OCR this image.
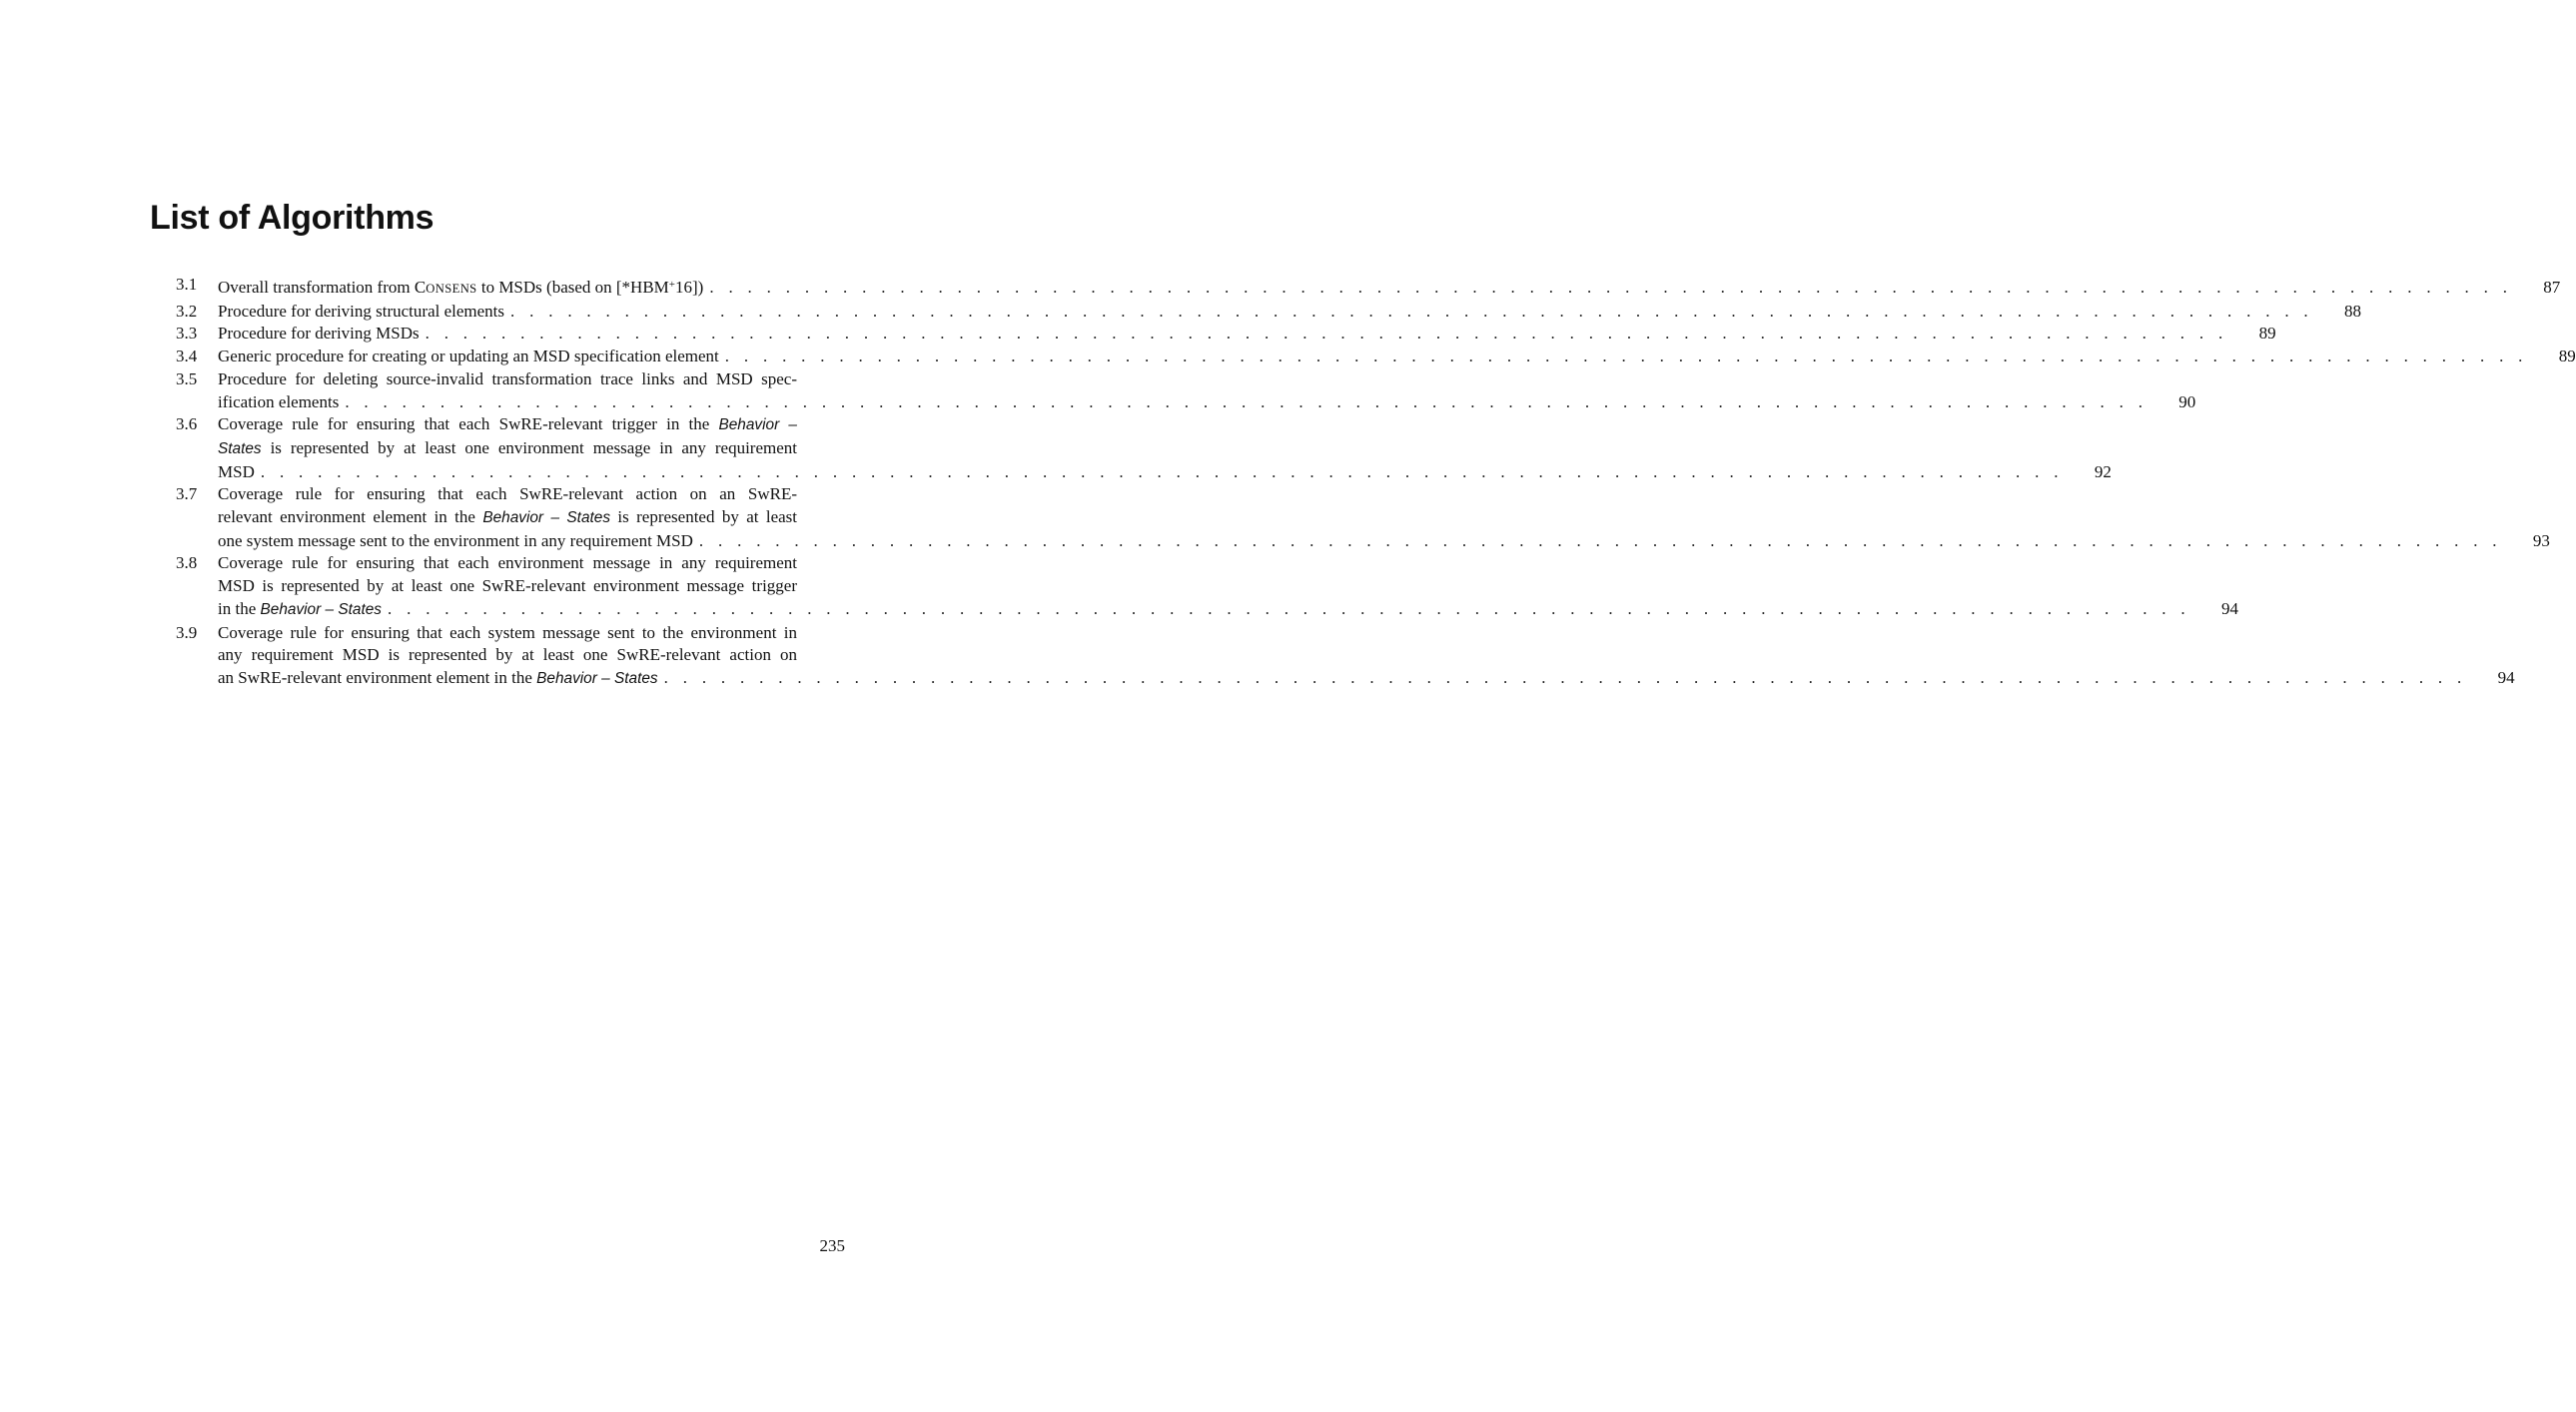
List of Algorithms
3.1	Overall transformation from CONSENS to MSDs (based on [*HBM+16]) . . . . . . . . . . . . . . . . . . . . . . . . . . . . . . . . . . . . . . . . . . . . . . . . . . . . . . . . . . . . . . . . . . . . . . . . . . . . . . . . . . . . . . . . . . . . . . .	87
3.2	Procedure for deriving structural elements . . . . . . . . . . . . . . . . . . . . . . . . . . . . . . . . . . . . . . . . . . . . . . . . . . . . . . . . . . . . . . . . . . . . . . . . . . . . . . . . . . . . . . . . . . . . . . .	88
3.3	Procedure for deriving MSDs . . . . . . . . . . . . . . . . . . . . . . . . . . . . . . . . . . . . . . . . . . . . . . . . . . . . . . . . . . . . . . . . . . . . . . . . . . . . . . . . . . . . . . . . . . . . . . .	89
3.4	Generic procedure for creating or updating an MSD specification element . . . . . . . . . . . . . . . . . . . . . . . . . . . . . . . . . . . . . . . . . . . . . . . . . . . . . . . . . . . . . . . . . . . . . . . . . . . . . . . . . . . . . . . . . . . . . . .	89
3.5	Procedure for deleting source-invalid transformation trace links and MSD spec-
ification elements . . . . . . . . . . . . . . . . . . . . . . . . . . . . . . . . . . . . . . . . . . . . . . . . . . . . . . . . . . . . . . . . . . . . . . . . . . . . . . . . . . . . . . . . . . . . . . .	90
3.6	Coverage rule for ensuring that each SwRE-relevant trigger in the Behavior –
States is represented by at least one environment message in any requirement
MSD . . . . . . . . . . . . . . . . . . . . . . . . . . . . . . . . . . . . . . . . . . . . . . . . . . . . . . . . . . . . . . . . . . . . . . . . . . . . . . . . . . . . . . . . . . . . . . .	92
3.7	Coverage rule for ensuring that each SwRE-relevant action on an SwRE-
relevant environment element in the Behavior – States is represented by at least
one system message sent to the environment in any requirement MSD . . . . . . . . . . . . . . . . . . . . . . . . . . . . . . . . . . . . . . . . . . . . . . . . . . . . . . . . . . . . . . . . . . . . . . . . . . . . . . . . . . . . . . . . . . . . . . .	93
3.8	Coverage rule for ensuring that each environment message in any requirement
MSD is represented by at least one SwRE-relevant environment message trigger
in the Behavior – States . . . . . . . . . . . . . . . . . . . . . . . . . . . . . . . . . . . . . . . . . . . . . . . . . . . . . . . . . . . . . . . . . . . . . . . . . . . . . . . . . . . . . . . . . . . . . . .	94
3.9	Coverage rule for ensuring that each system message sent to the environment in
any requirement MSD is represented by at least one SwRE-relevant action on
an SwRE-relevant environment element in the Behavior – States . . . . . . . . . . . . . . . . . . . . . . . . . . . . . . . . . . . . . . . . . . . . . . . . . . . . . . . . . . . . . . . . . . . . . . . . . . . . . . . . . . . . . . . . . . . . . . .	94
235
